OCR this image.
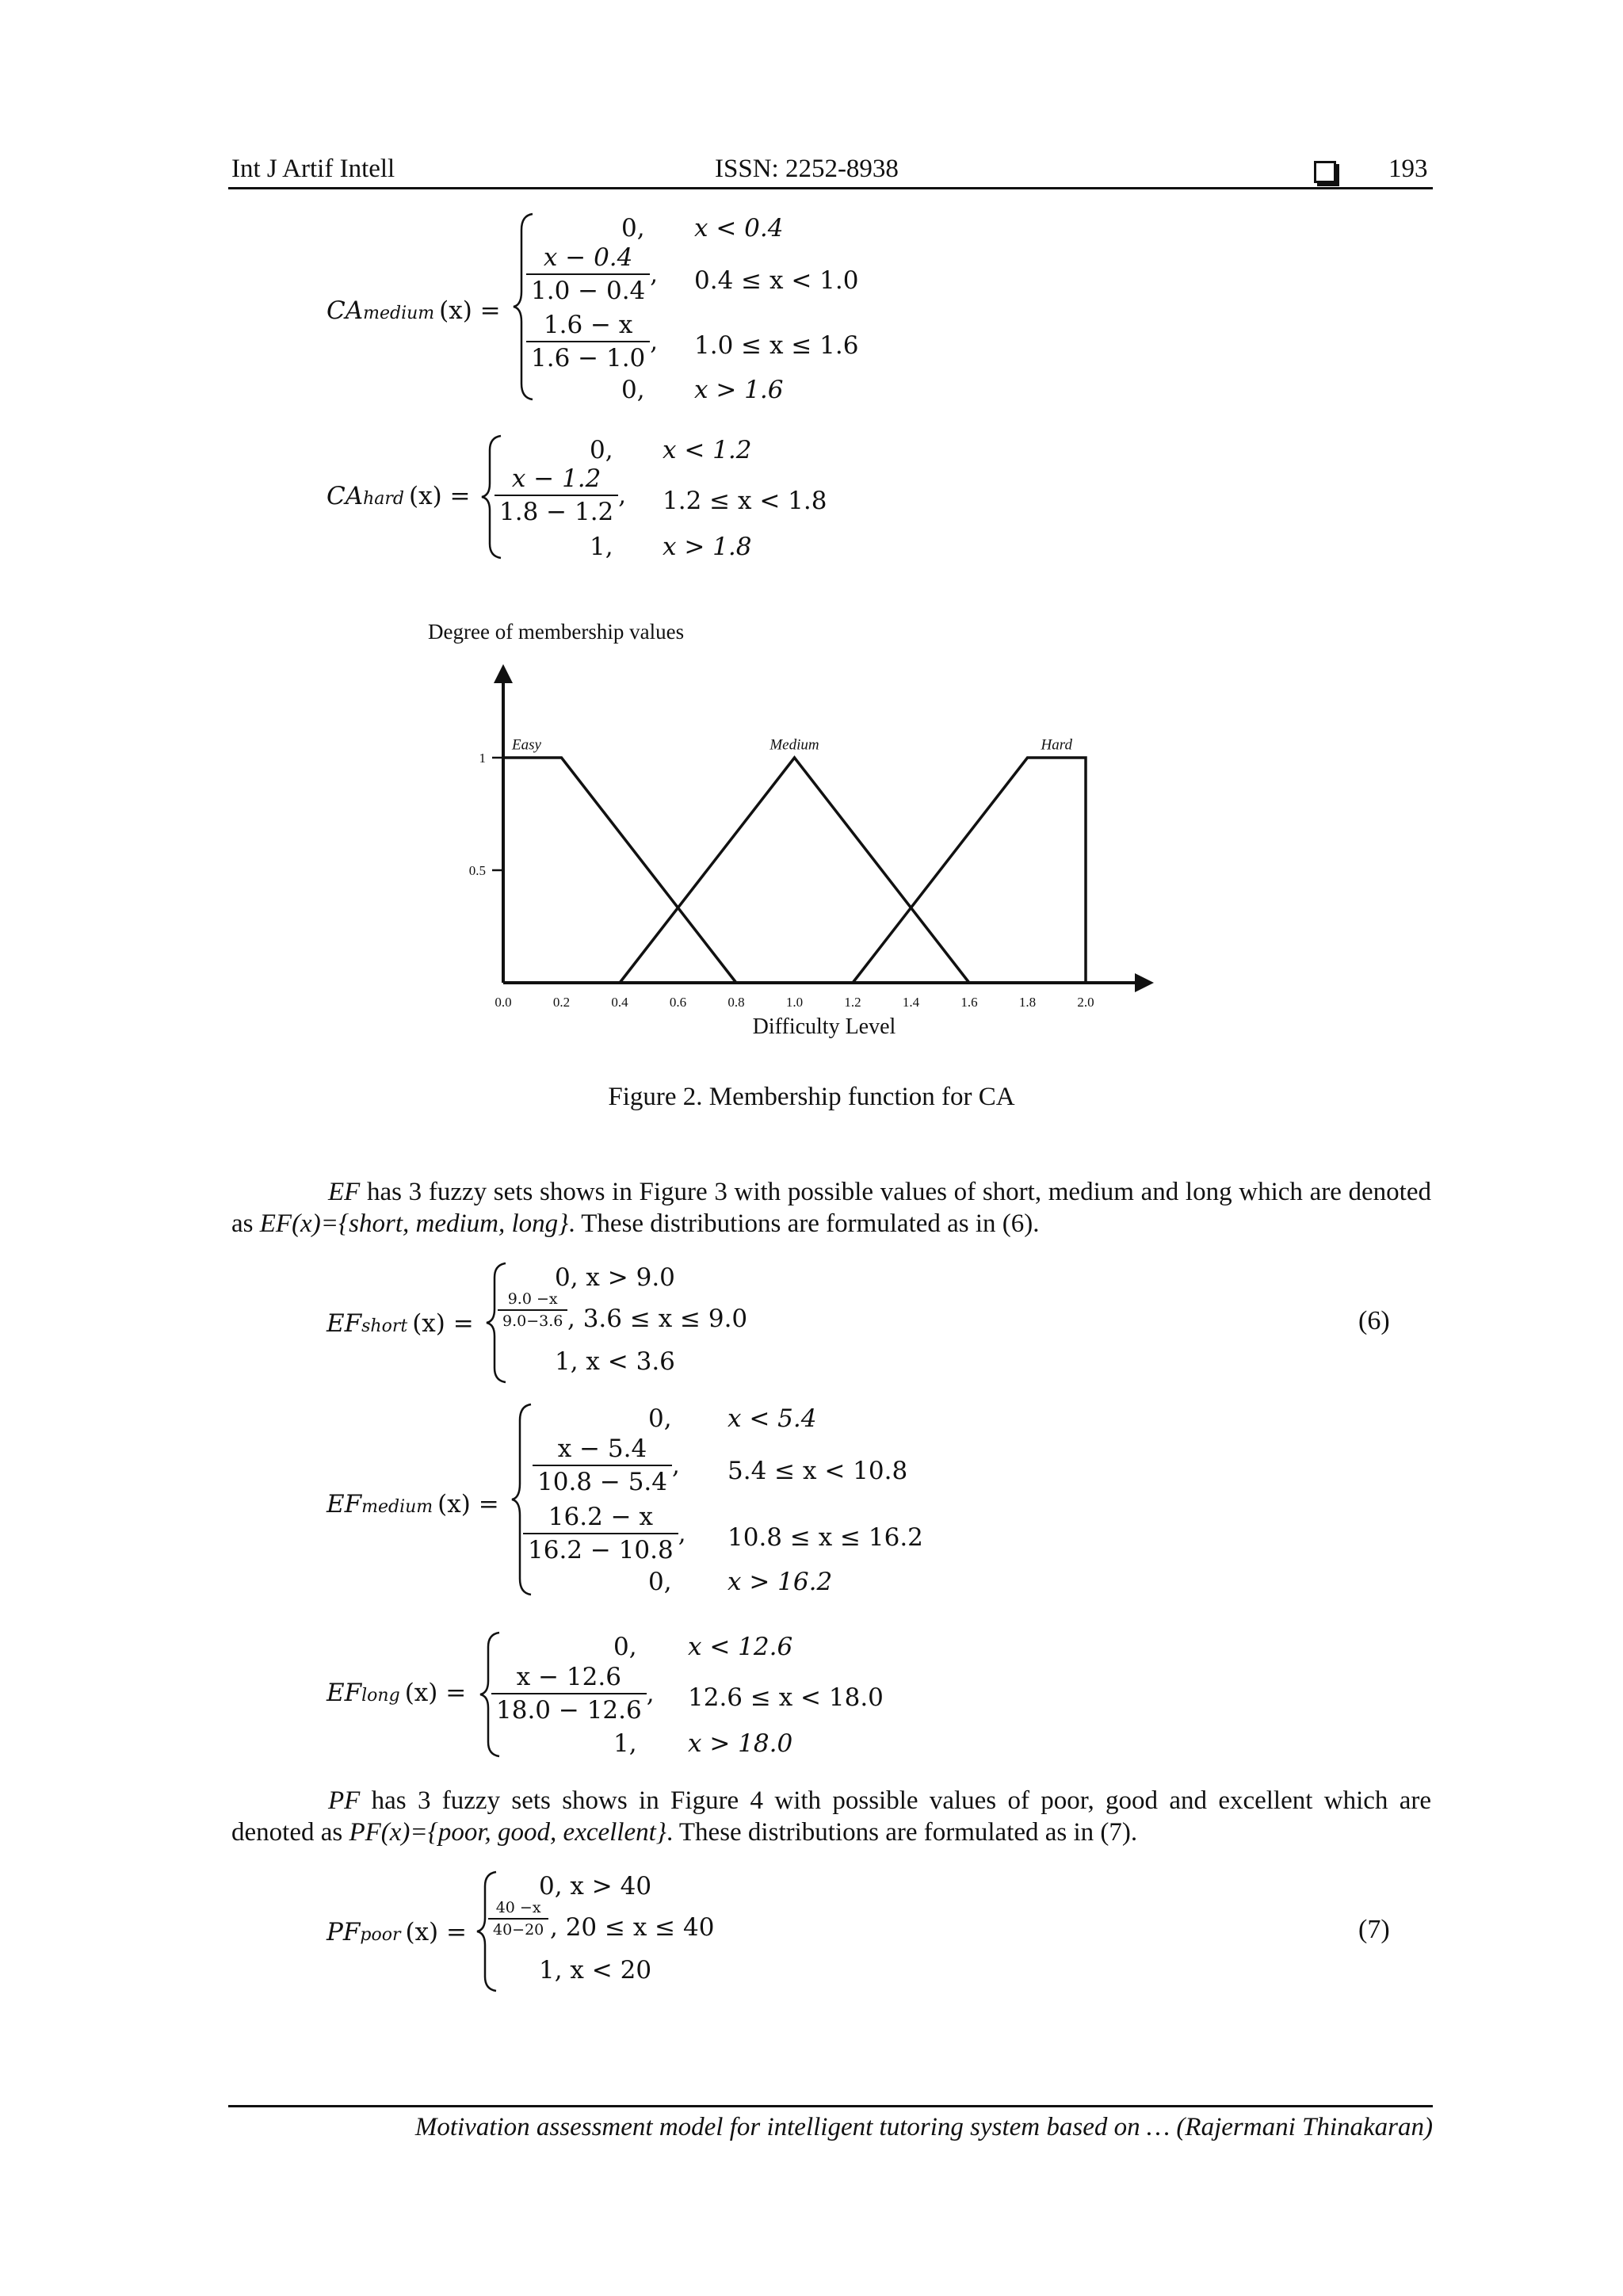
Int J Artif Intell	ISSN: 2252-8938	193
CA medium (x) =
0, x < 0.4
$\frac{x - 0.4}{1.0 - 0.4}$ , 0.4 ≤ x < 1.0
$\frac{1.6 - x}{1.6 - 1.0}$ , 1.0 ≤ x ≤ 1.6
0, x > 1.6
CA hard (x) =
0, x < 1.2
$\frac{x - 1.2}{1.8 - 1.2}$ , 1.2 ≤ x < 1.8
1, x > 1.8
Degree of membership values
0.5
1
0.0	0.2	0.4	0.6	0.8	1.0	1.2	1.4	1.6	1.8	2.0
Difficulty Level
Easy	Medium	Hard
Figure 2. Membership function for CA
EF has 3 fuzzy sets shows in Figure 3 with possible values of short, medium and long which are denoted as EF(x)={short, medium, long}. These distributions are formulated as in (6).
EF short (x) =
0, x > 9.0
$\frac{9.0 -x}{9.0-3.6}$ , 3.6 ≤ x ≤ 9.0
1, x < 3.6
(6)
EF medium (x) =
0, x < 5.4
$\frac{x - 5.4}{10.8 - 5.4}$ , 5.4 ≤ x < 10.8
$\frac{16.2 - x}{16.2 - 10.8}$ , 10.8 ≤ x ≤ 16.2
0, x > 16.2
EF long (x) =
0, x < 12.6
$\frac{x - 12.6}{18.0 - 12.6}$ , 12.6 ≤ x < 18.0
1, x > 18.0
PF has 3 fuzzy sets shows in Figure 4 with possible values of poor, good and excellent which are denoted as PF(x)={poor, good, excellent}. These distributions are formulated as in (7).
PF poor (x) =
0, x > 40
$\frac{40 -x}{40-20}$ , 20 ≤ x ≤ 40
1, x < 20
(7)
Motivation assessment model for intelligent tutoring system based on … (Rajermani Thinakaran)
